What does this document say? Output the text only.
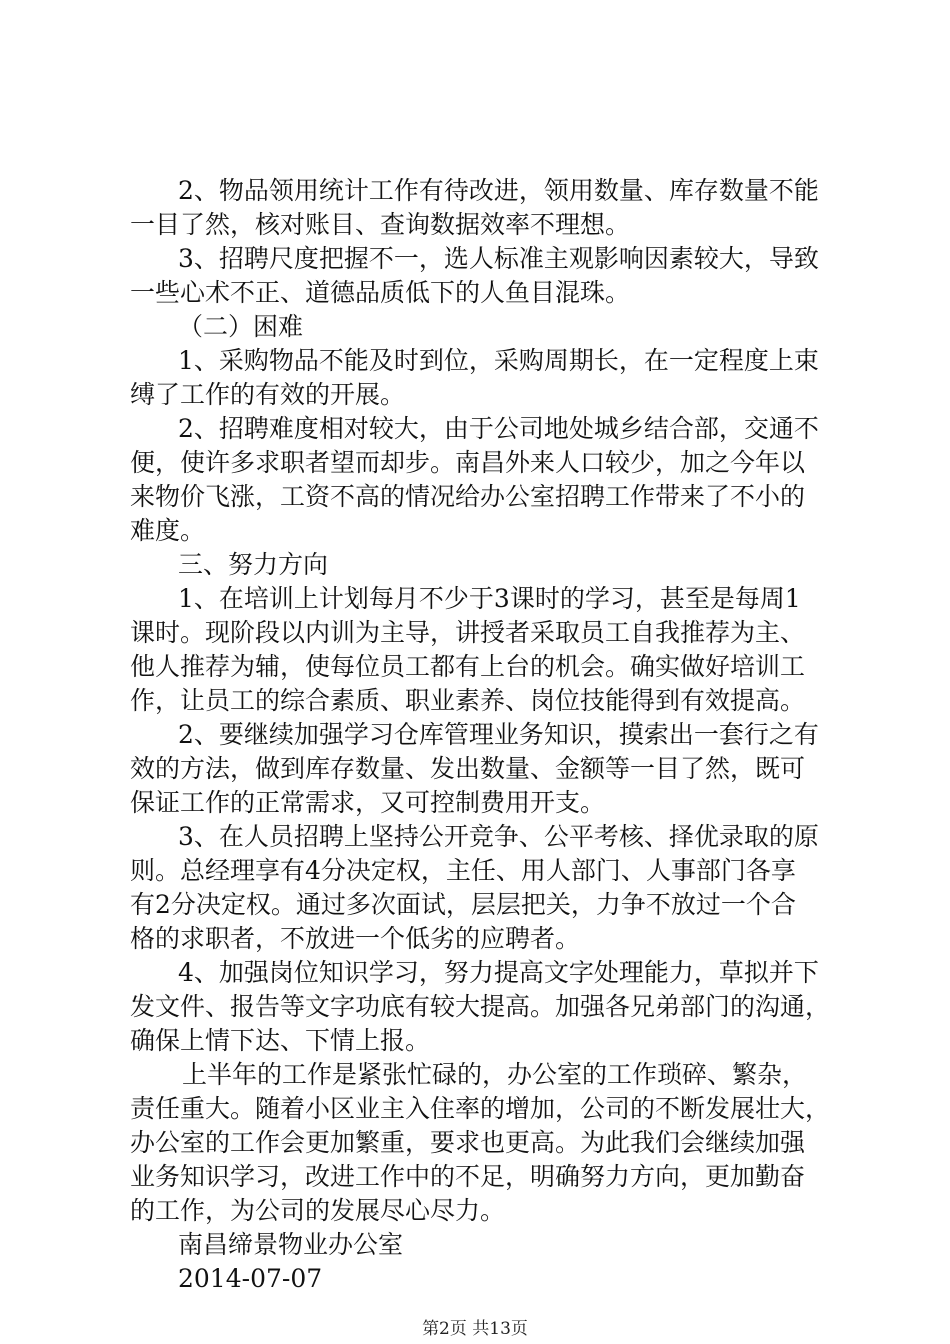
2、物品领用统计工作有待改进，领用数量、库存数量不能
一目了然，核对账目、查询数据效率不理想。
3、招聘尺度把握不一，选人标准主观影响因素较大，导致
一些心术不正、道德品质低下的人鱼目混珠。
（二）困难
1、采购物品不能及时到位，采购周期长，在一定程度上束
缚了工作的有效的开展。
2、招聘难度相对较大，由于公司地处城乡结合部，交通不
便，使许多求职者望而却步。南昌外来人口较少，加之今年以
来物价飞涨，工资不高的情况给办公室招聘工作带来了不小的
难度。
三、努力方向
1、在培训上计划每月不少于3课时的学习，甚至是每周1
课时。现阶段以内训为主导，讲授者采取员工自我推荐为主、
他人推荐为辅，使每位员工都有上台的机会。确实做好培训工
作，让员工的综合素质、职业素养、岗位技能得到有效提高。
2、要继续加强学习仓库管理业务知识，摸索出一套行之有
效的方法，做到库存数量、发出数量、金额等一目了然，既可
保证工作的正常需求，又可控制费用开支。
3、在人员招聘上坚持公开竞争、公平考核、择优录取的原
则。总经理享有4分决定权，主任、用人部门、人事部门各享
有2分决定权。通过多次面试，层层把关，力争不放过一个合
格的求职者，不放进一个低劣的应聘者。
4、加强岗位知识学习，努力提高文字处理能力，草拟并下
发文件、报告等文字功底有较大提高。加强各兄弟部门的沟通，
确保上情下达、下情上报。
上半年的工作是紧张忙碌的，办公室的工作琐碎、繁杂，
责任重大。随着小区业主入住率的增加，公司的不断发展壮大，
办公室的工作会更加繁重，要求也更高。为此我们会继续加强
业务知识学习，改进工作中的不足，明确努力方向，更加勤奋
的工作，为公司的发展尽心尽力。
南昌缔景物业办公室
2014-07-07
第2页 共13页
